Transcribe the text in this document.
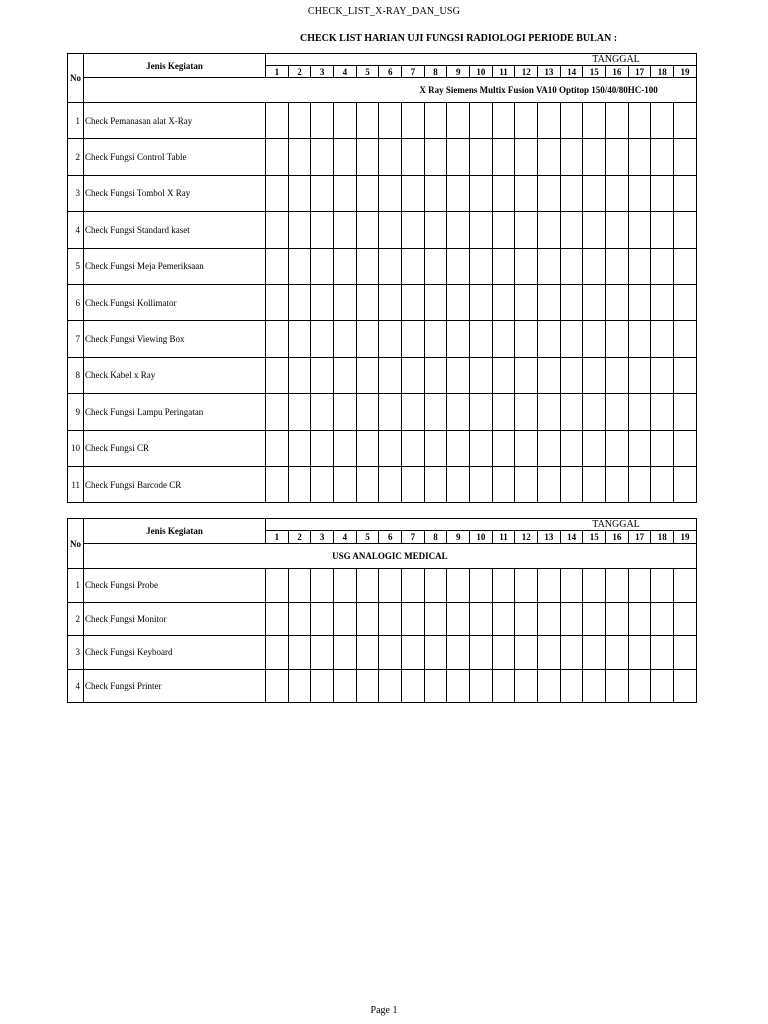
CHECK_LIST_X-RAY_DAN_USG
CHECK LIST HARIAN UJI FUNGSI RADIOLOGI PERIODE BULAN :
No	Jenis Kegiatan	TANGGAL																		
		1	2	3	4	5	6	7	8	9	10	11	12	13	14	15	16	17	18	19
	X Ray Siemens Multix Fusion VA10 Optitop 150/40/80HC-100																			
1	Check Pemanasan alat X-Ray																			
2	Check Fungsi Control Table																			
3	Check Fungsi Tombol X Ray																			
4	Check Fungsi Standard kaset																			
5	Check Fungsi Meja Pemeriksaan																			
6	Check Fungsi Kollimator																			
7	Check Fungsi Viewing Box																			
8	Check Kabel x Ray																			
9	Check Fungsi Lampu Peringatan																			
10	Check Fungsi CR																			
11	Check Fungsi Barcode CR																			
No	Jenis Kegiatan	TANGGAL																		
		1	2	3	4	5	6	7	8	9	10	11	12	13	14	15	16	17	18	19
	USG ANALOGIC MEDICAL																			
1	Check Fungsi Probe																			
2	Check Fungsi Monitor																			
3	Check Fungsi Keyboard																			
4	Check Fungsi Printer																			
Page 1
